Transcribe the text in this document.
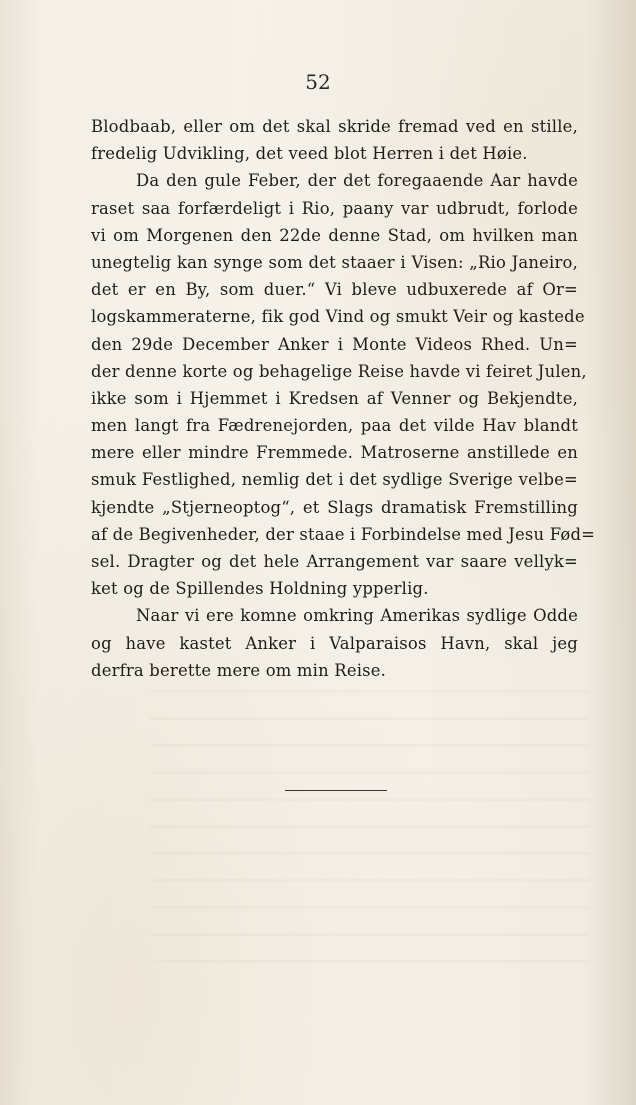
52
Blodbaab, eller om det skal skride fremad ved en stille,
fredelig Udvikling, det veed blot Herren i det Høie.
Da den gule Feber, der det foregaaende Aar havde
raset saa forfærdeligt i Rio, paany var udbrudt, forlode
vi om Morgenen den 22de denne Stad, om hvilken man
unegtelig kan synge som det staaer i Visen: „Rio Janeiro,
det er en By, som duer.“ Vi bleve udbuxerede af Or=
logskammeraterne, fik god Vind og smukt Veir og kastede
den 29de December Anker i Monte Videos Rhed. Un=
der denne korte og behagelige Reise havde vi feiret Julen,
ikke som i Hjemmet i Kredsen af Venner og Bekjendte,
men langt fra Fædrenejorden, paa det vilde Hav blandt
mere eller mindre Fremmede. Matroserne anstillede en
smuk Festlighed, nemlig det i det sydlige Sverige velbe=
kjendte „Stjerneoptog“, et Slags dramatisk Fremstilling
af de Begivenheder, der staae i Forbindelse med Jesu Fød=
sel. Dragter og det hele Arrangement var saare vellyk=
ket og de Spillendes Holdning ypperlig.
Naar vi ere komne omkring Amerikas sydlige Odde
og have kastet Anker i Valparaisos Havn, skal jeg
derfra berette mere om min Reise.
